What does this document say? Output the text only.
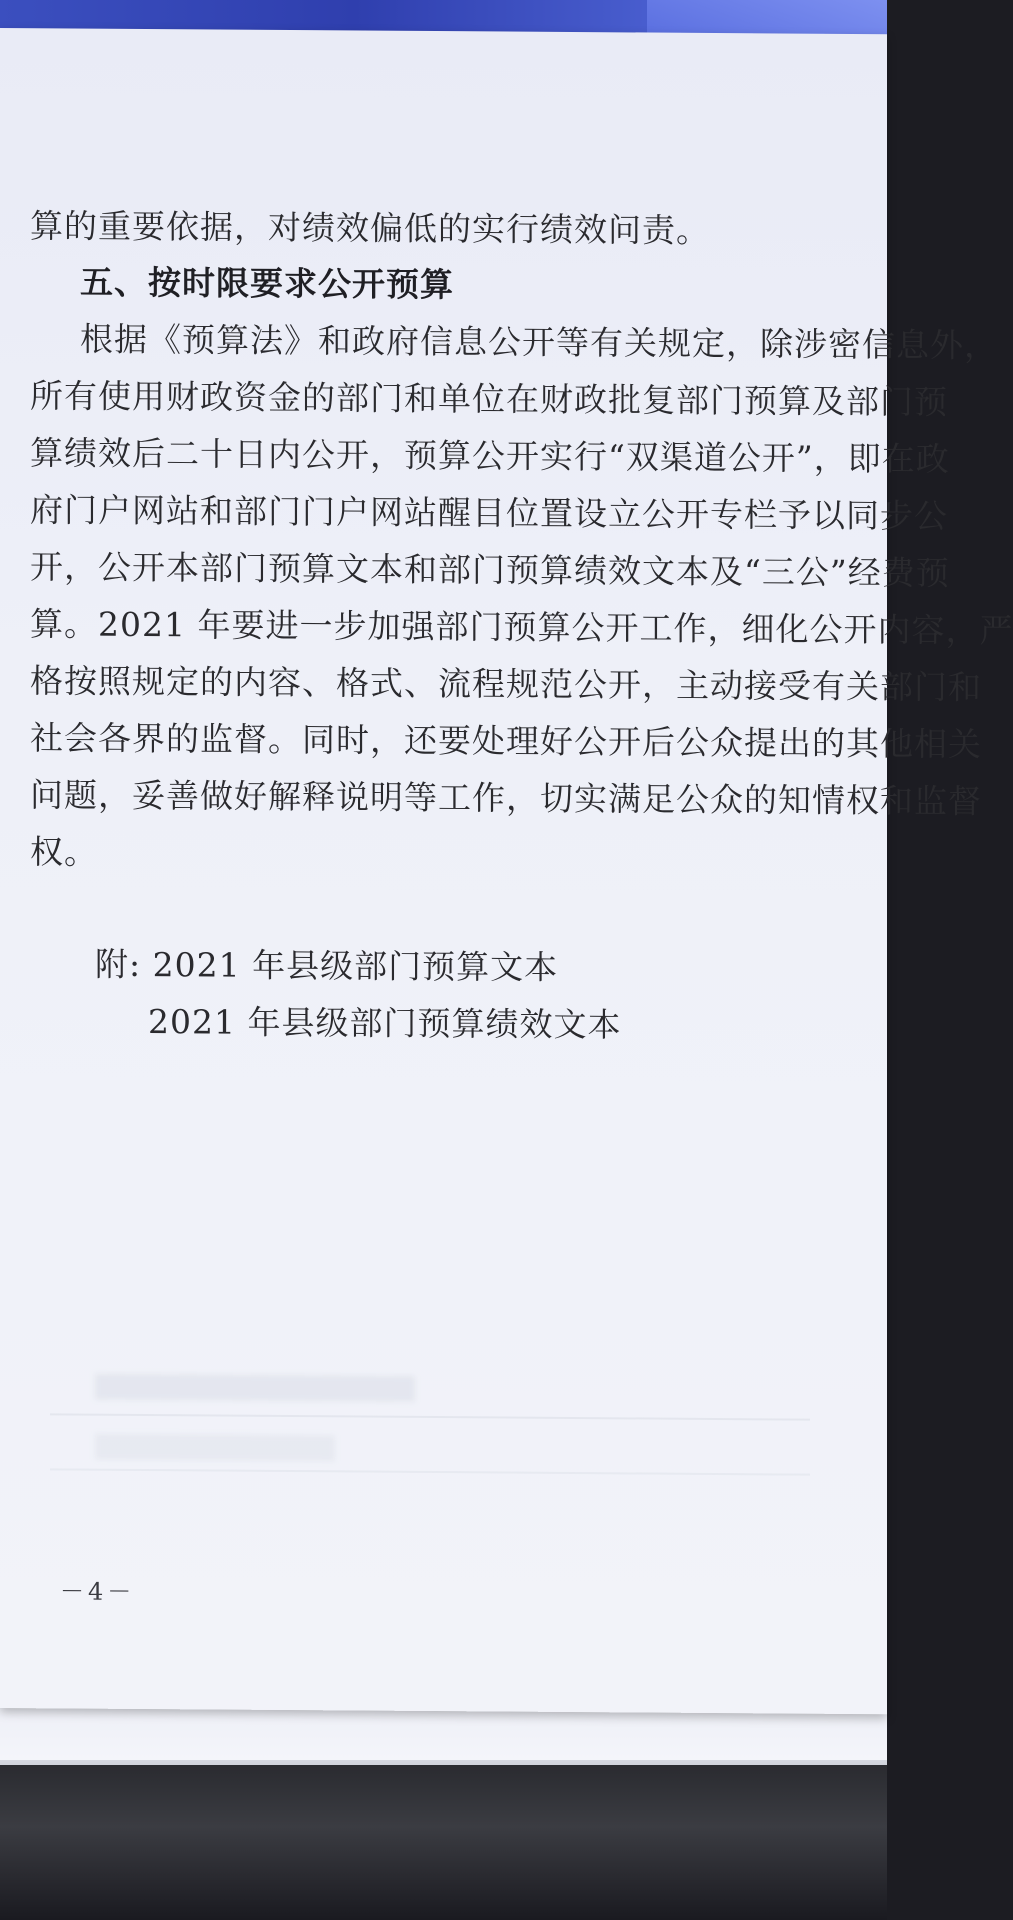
算的重要依据，对绩效偏低的实行绩效问责。
五、按时限要求公开预算
根据《预算法》和政府信息公开等有关规定，除涉密信息外，
所有使用财政资金的部门和单位在财政批复部门预算及部门预
算绩效后二十日内公开，预算公开实行“双渠道公开”，即在政
府门户网站和部门门户网站醒目位置设立公开专栏予以同步公
开，公开本部门预算文本和部门预算绩效文本及“三公”经费预
算。2021 年要进一步加强部门预算公开工作，细化公开内容，严
格按照规定的内容、格式、流程规范公开，主动接受有关部门和
社会各界的监督。同时，还要处理好公开后公众提出的其他相关
问题，妥善做好解释说明等工作，切实满足公众的知情权和监督
权。
附: 2021 年县级部门预算文本
2021 年县级部门预算绩效文本
－4－
